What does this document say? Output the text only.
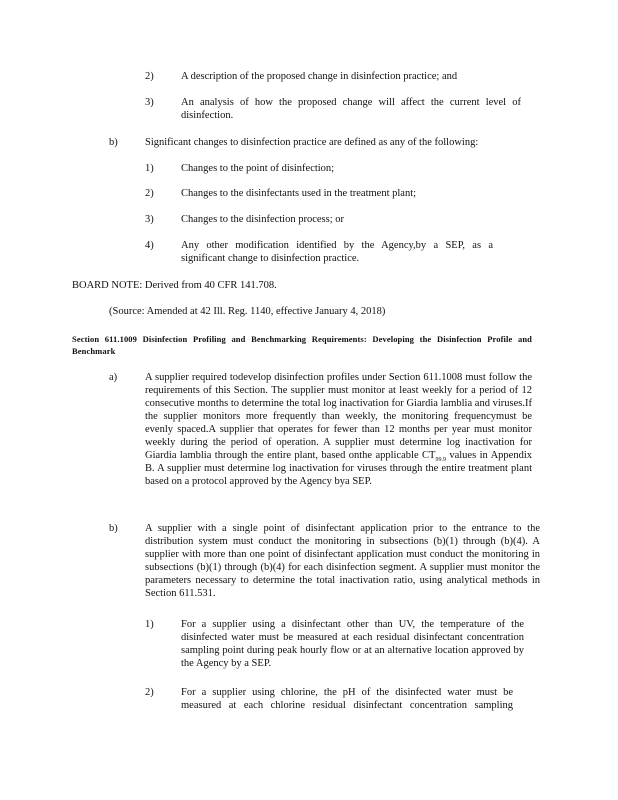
2)	A description of the proposed change in disinfection practice; and

3)	An analysis of how the proposed change will affect the current level of disinfection.

b)	Significant changes to disinfection practice are defined as any of the following:

1)	Changes to the point of disinfection;

2)	Changes to the disinfectants used in the treatment plant;

3)	Changes to the disinfection process; or

4)	Any other modification identified by the Agency,by a SEP, as a significant change to disinfection practice.

BOARD NOTE: Derived from 40 CFR 141.708.

(Source: Amended at 42 Ill. Reg. 1140, effective January 4, 2018)

Section 611.1009 Disinfection Profiling and Benchmarking Requirements: Developing the Disinfection Profile and Benchmark

a)	A supplier required todevelop disinfection profiles under Section 611.1008 must follow the requirements of this Section. The supplier must monitor at least weekly for a period of 12 consecutive months to determine the total log inactivation for Giardia lamblia and viruses.If the supplier monitors more frequently than weekly, the monitoring frequencymust be evenly spaced.A supplier that operates for fewer than 12 months per year must monitor weekly during the period of operation. A supplier must determine log inactivation for Giardia lamblia through the entire plant, based onthe applicable $CT_{99.9}$ values in Appendix B. A supplier must determine log inactivation for viruses through the entire treatment plant based on a protocol approved by the Agency bya SEP.

b)	A supplier with a single point of disinfectant application prior to the entrance to the distribution system must conduct the monitoring in subsections (b)(1) through (b)(4). A supplier with more than one point of disinfectant application must conduct the monitoring in subsections (b)(1) through (b)(4) for each disinfection segment. A supplier must monitor the parameters necessary to determine the total inactivation ratio, using analytical methods in Section 611.531.

1)	For a supplier using a disinfectant other than UV, the temperature of the disinfected water must be measured at each residual disinfectant concentration sampling point during peak hourly flow or at an alternative location approved by the Agency by a SEP.

2)	For a supplier using chlorine, the pH of the disinfected water must be measured at each chlorine residual disinfectant concentration sampling
